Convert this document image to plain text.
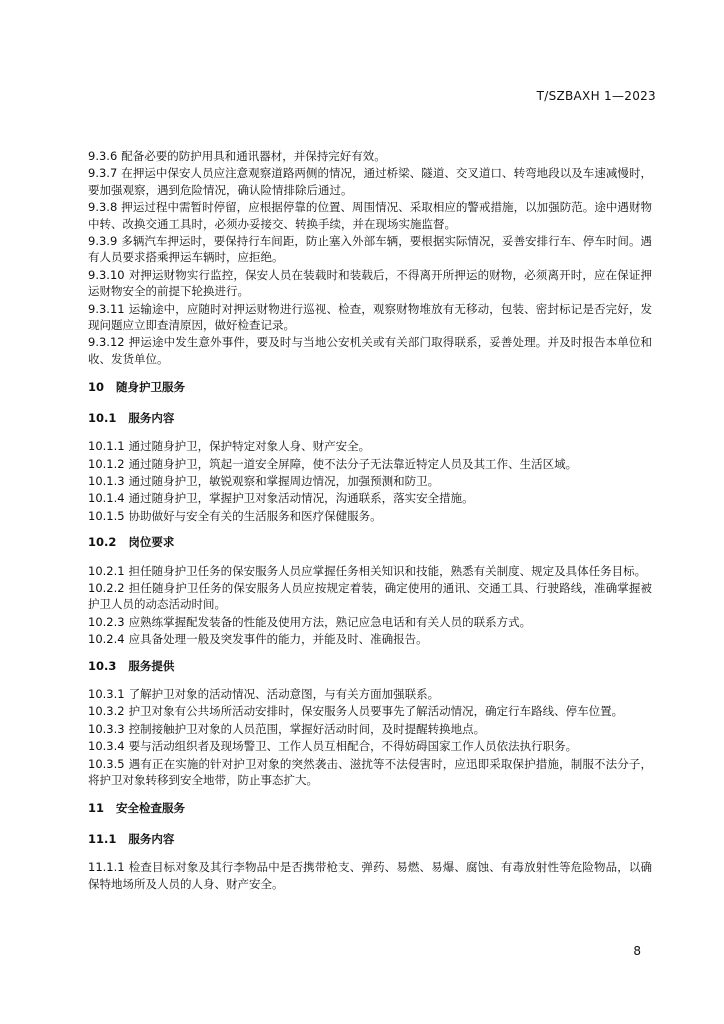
T/SZBAXH 1—2023
9.3.6 配备必要的防护用具和通讯器材，并保持完好有效。
9.3.7 在押运中保安人员应注意观察道路两侧的情况，通过桥梁、隧道、交叉道口、转弯地段以及车速减慢时，要加强观察，遇到危险情况，确认险情排除后通过。
9.3.8 押运过程中需暂时停留，应根据停靠的位置、周围情况、采取相应的警戒措施，以加强防范。途中遇财物中转、改换交通工具时，必须办妥接交、转换手续，并在现场实施监督。
9.3.9 多辆汽车押运时，要保持行车间距，防止塞入外部车辆，要根据实际情况，妥善安排行车、停车时间。遇有人员要求搭乘押运车辆时，应拒绝。
9.3.10 对押运财物实行监控，保安人员在装载时和装载后，不得离开所押运的财物，必须离开时，应在保证押运财物安全的前提下轮换进行。
9.3.11 运输途中，应随时对押运财物进行巡视、检查，观察财物堆放有无移动，包装、密封标记是否完好，发现问题应立即查清原因，做好检查记录。
9.3.12 押运途中发生意外事件，要及时与当地公安机关或有关部门取得联系，妥善处理。并及时报告本单位和收、发货单位。
10 随身护卫服务
10.1 服务内容
10.1.1 通过随身护卫，保护特定对象人身、财产安全。
10.1.2 通过随身护卫，筑起一道安全屏障，使不法分子无法靠近特定人员及其工作、生活区域。
10.1.3 通过随身护卫，敏锐观察和掌握周边情况，加强预测和防卫。
10.1.4 通过随身护卫，掌握护卫对象活动情况，沟通联系，落实安全措施。
10.1.5 协助做好与安全有关的生活服务和医疗保健服务。
10.2 岗位要求
10.2.1 担任随身护卫任务的保安服务人员应掌握任务相关知识和技能，熟悉有关制度、规定及具体任务目标。
10.2.2 担任随身护卫任务的保安服务人员应按规定着装，确定使用的通讯、交通工具、行驶路线，准确掌握被护卫人员的动态活动时间。
10.2.3 应熟练掌握配发装备的性能及使用方法，熟记应急电话和有关人员的联系方式。
10.2.4 应具备处理一般及突发事件的能力，并能及时、准确报告。
10.3 服务提供
10.3.1 了解护卫对象的活动情况、活动意图，与有关方面加强联系。
10.3.2 护卫对象有公共场所活动安排时，保安服务人员要事先了解活动情况，确定行车路线、停车位置。
10.3.3 控制接触护卫对象的人员范围，掌握好活动时间，及时提醒转换地点。
10.3.4 要与活动组织者及现场警卫、工作人员互相配合，不得妨碍国家工作人员依法执行职务。
10.3.5 遇有正在实施的针对护卫对象的突然袭击、滋扰等不法侵害时，应迅即采取保护措施，制服不法分子，将护卫对象转移到安全地带，防止事态扩大。
11 安全检查服务
11.1 服务内容
11.1.1 检查目标对象及其行李物品中是否携带枪支、弹药、易燃、易爆、腐蚀、有毒放射性等危险物品，以确保特地场所及人员的人身、财产安全。
8
